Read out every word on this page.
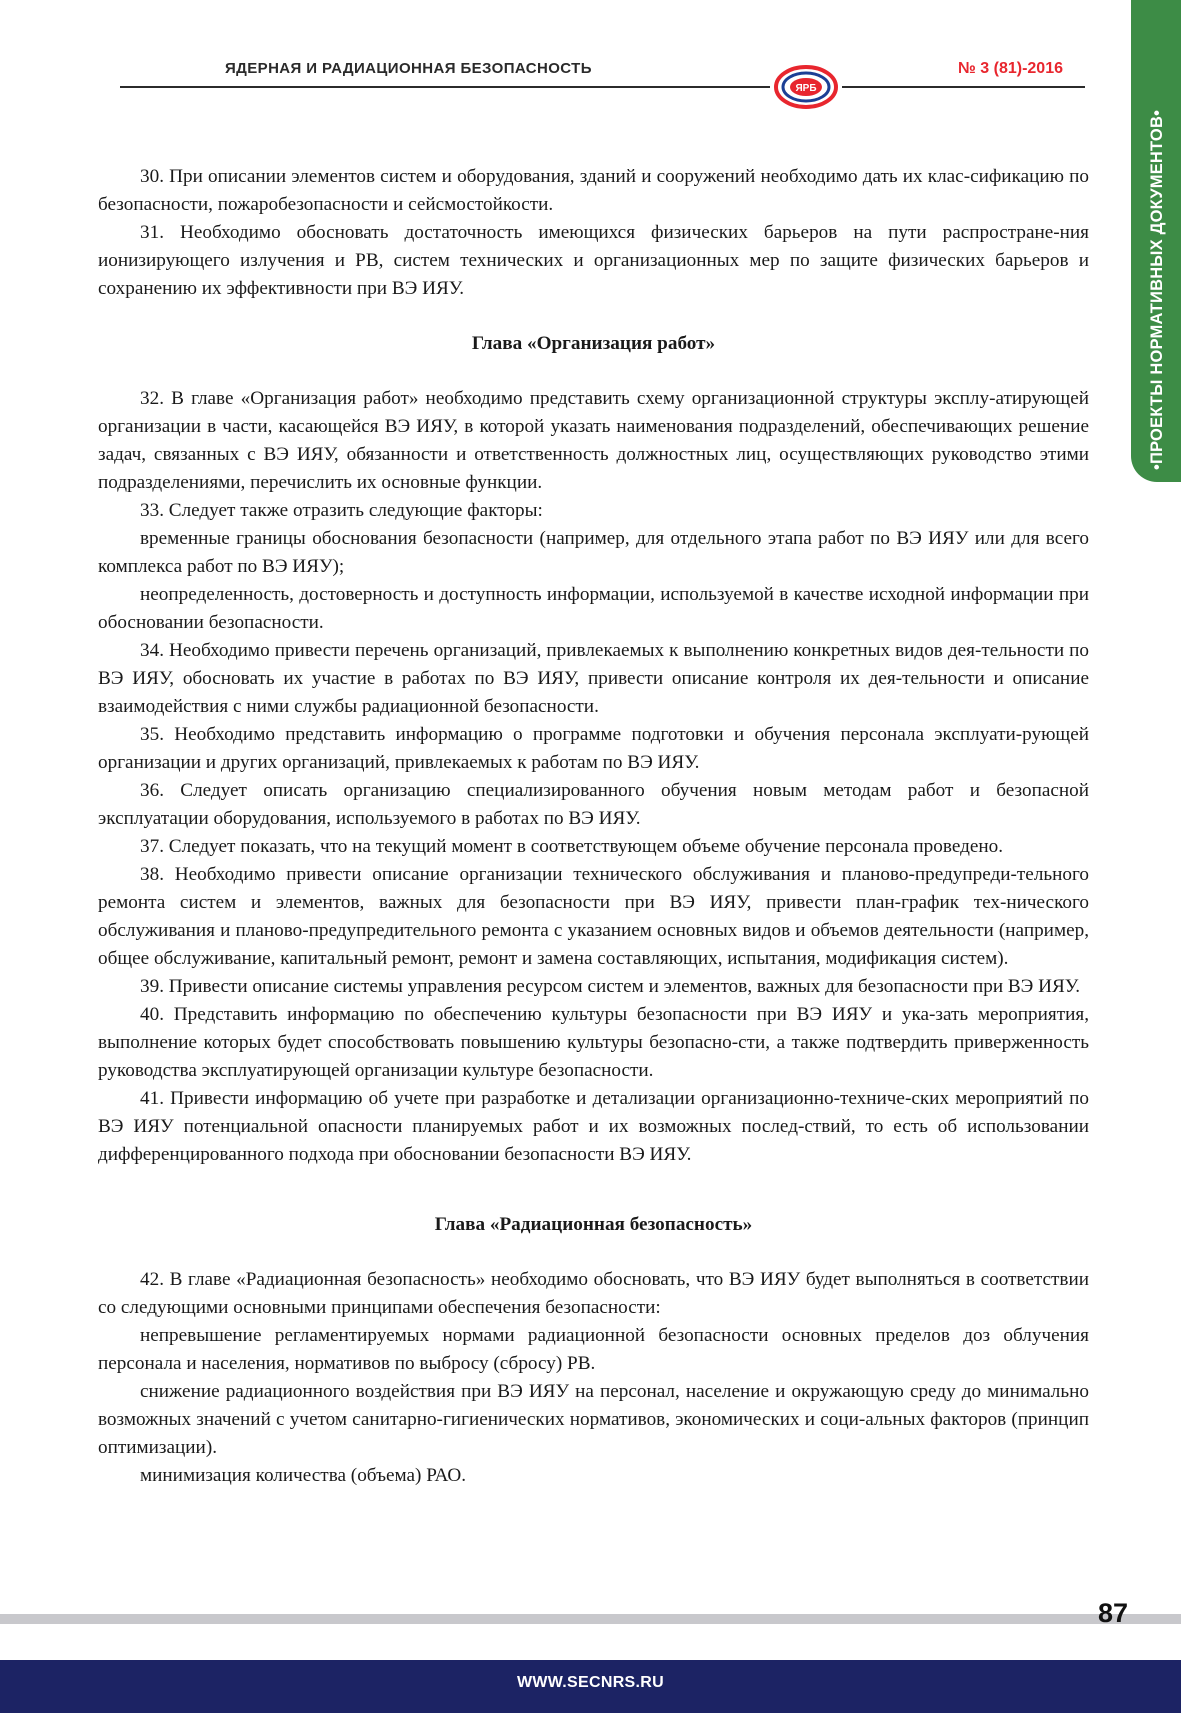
ЯДЕРНАЯ И РАДИАЦИОННАЯ БЕЗОПАСНОСТЬ
ЯРБ
№ 3 (81)-2016
•ПРОЕКТЫ НОРМАТИВНЫХ ДОКУМЕНТОВ•

30. При описании элементов систем и оборудования, зданий и сооружений необходимо дать их клас-сификацию по безопасности, пожаробезопасности и сейсмостойкости.

31. Необходимо обосновать достаточность имеющихся физических барьеров на пути распростране-ния ионизирующего излучения и РВ, систем технических и организационных мер по защите физических барьеров и сохранению их эффективности при ВЭ ИЯУ.

Глава «Организация работ»

32. В главе «Организация работ» необходимо представить схему организационной структуры эксплу-атирующей организации в части, касающейся ВЭ ИЯУ, в которой указать наименования подразделений, обеспечивающих решение задач, связанных с ВЭ ИЯУ, обязанности и ответственность должностных лиц, осуществляющих руководство этими подразделениями, перечислить их основные функции.

33. Следует также отразить следующие факторы:

временные границы обоснования безопасности (например, для отдельного этапа работ по ВЭ ИЯУ или для всего комплекса работ по ВЭ ИЯУ);

неопределенность, достоверность и доступность информации, используемой в качестве исходной информации при обосновании безопасности.

34. Необходимо привести перечень организаций, привлекаемых к выполнению конкретных видов дея-тельности по ВЭ ИЯУ, обосновать их участие в работах по ВЭ ИЯУ, привести описание контроля их дея-тельности и описание взаимодействия с ними службы радиационной безопасности.

35. Необходимо представить информацию о программе подготовки и обучения персонала эксплуати-рующей организации и других организаций, привлекаемых к работам по ВЭ ИЯУ.

36. Следует описать организацию специализированного обучения новым методам работ и безопасной эксплуатации оборудования, используемого в работах по ВЭ ИЯУ.

37. Следует показать, что на текущий момент в соответствующем объеме обучение персонала проведено.

38. Необходимо привести описание организации технического обслуживания и планово-предупреди-тельного ремонта систем и элементов, важных для безопасности при ВЭ ИЯУ, привести план-график тех-нического обслуживания и планово-предупредительного ремонта с указанием основных видов и объемов деятельности (например, общее обслуживание, капитальный ремонт, ремонт и замена составляющих, испытания, модификация систем).

39. Привести описание системы управления ресурсом систем и элементов, важных для безопасности при ВЭ ИЯУ.

40. Представить информацию по обеспечению культуры безопасности при ВЭ ИЯУ и ука-зать мероприятия, выполнение которых будет способствовать повышению культуры безопасно-сти, а также подтвердить приверженность руководства эксплуатирующей организации культуре безопасности.

41. Привести информацию об учете при разработке и детализации организационно-техниче-ских мероприятий по ВЭ ИЯУ потенциальной опасности планируемых работ и их возможных послед-ствий, то есть об использовании дифференцированного подхода при обосновании безопасности ВЭ ИЯУ.

Глава «Радиационная безопасность»

42. В главе «Радиационная безопасность» необходимо обосновать, что ВЭ ИЯУ будет выполняться в соответствии со следующими основными принципами обеспечения безопасности:

непревышение регламентируемых нормами радиационной безопасности основных пределов доз облучения персонала и населения, нормативов по выбросу (сбросу) РВ.

снижение радиационного воздействия при ВЭ ИЯУ на персонал, население и окружающую среду до минимально возможных значений с учетом санитарно-гигиенических нормативов, экономических и соци-альных факторов (принцип оптимизации).

минимизация количества (объема) РАО.

87
WWW.SECNRS.RU
